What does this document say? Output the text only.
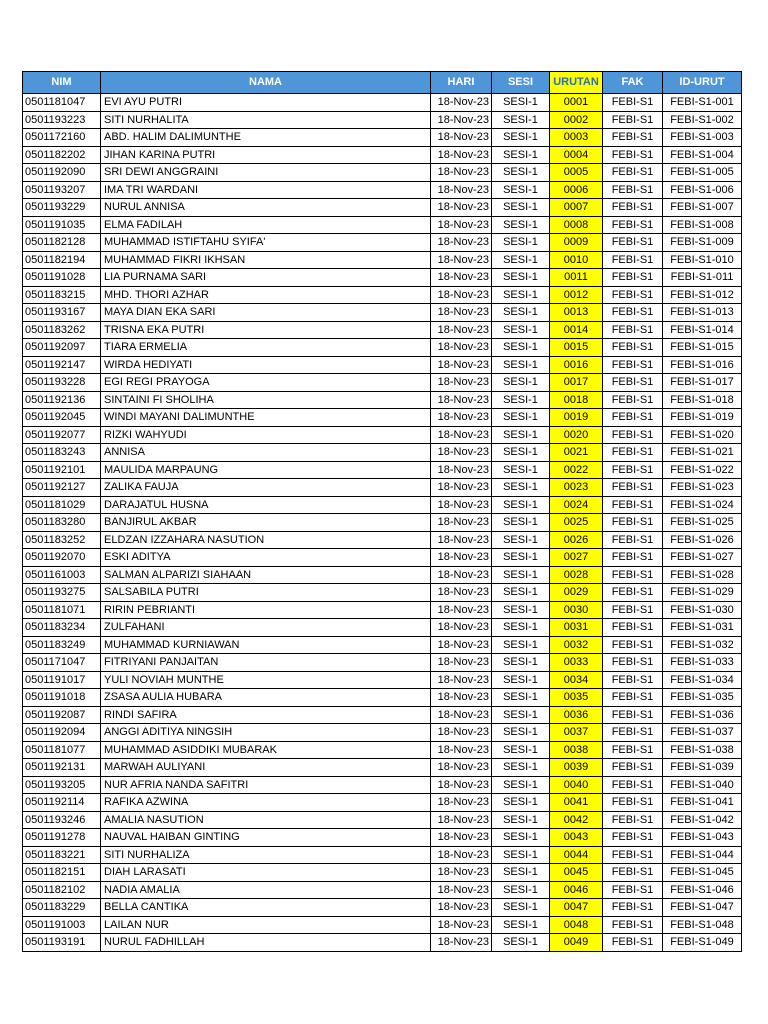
NIM	NAMA	HARI	SESI	URUTAN	FAK	ID-URUT
0501181047	EVI AYU PUTRI	18-Nov-23	SESI-1	0001	FEBI-S1	FEBI-S1-001
0501193223	SITI NURHALITA	18-Nov-23	SESI-1	0002	FEBI-S1	FEBI-S1-002
0501172160	ABD. HALIM DALIMUNTHE	18-Nov-23	SESI-1	0003	FEBI-S1	FEBI-S1-003
0501182202	JIHAN KARINA PUTRI	18-Nov-23	SESI-1	0004	FEBI-S1	FEBI-S1-004
0501192090	SRI DEWI ANGGRAINI	18-Nov-23	SESI-1	0005	FEBI-S1	FEBI-S1-005
0501193207	IMA TRI WARDANI	18-Nov-23	SESI-1	0006	FEBI-S1	FEBI-S1-006
0501193229	NURUL ANNISA	18-Nov-23	SESI-1	0007	FEBI-S1	FEBI-S1-007
0501191035	ELMA FADILAH	18-Nov-23	SESI-1	0008	FEBI-S1	FEBI-S1-008
0501182128	MUHAMMAD ISTIFTAHU SYIFA'	18-Nov-23	SESI-1	0009	FEBI-S1	FEBI-S1-009
0501182194	MUHAMMAD FIKRI IKHSAN	18-Nov-23	SESI-1	0010	FEBI-S1	FEBI-S1-010
0501191028	LIA PURNAMA SARI	18-Nov-23	SESI-1	0011	FEBI-S1	FEBI-S1-011
0501183215	MHD. THORI AZHAR	18-Nov-23	SESI-1	0012	FEBI-S1	FEBI-S1-012
0501193167	MAYA DIAN EKA SARI	18-Nov-23	SESI-1	0013	FEBI-S1	FEBI-S1-013
0501183262	TRISNA EKA PUTRI	18-Nov-23	SESI-1	0014	FEBI-S1	FEBI-S1-014
0501192097	TIARA ERMELIA	18-Nov-23	SESI-1	0015	FEBI-S1	FEBI-S1-015
0501192147	WIRDA HEDIYATI	18-Nov-23	SESI-1	0016	FEBI-S1	FEBI-S1-016
0501193228	EGI REGI PRAYOGA	18-Nov-23	SESI-1	0017	FEBI-S1	FEBI-S1-017
0501192136	SINTAINI FI SHOLIHA	18-Nov-23	SESI-1	0018	FEBI-S1	FEBI-S1-018
0501192045	WINDI MAYANI DALIMUNTHE	18-Nov-23	SESI-1	0019	FEBI-S1	FEBI-S1-019
0501192077	RIZKI WAHYUDI	18-Nov-23	SESI-1	0020	FEBI-S1	FEBI-S1-020
0501183243	ANNISA	18-Nov-23	SESI-1	0021	FEBI-S1	FEBI-S1-021
0501192101	MAULIDA MARPAUNG	18-Nov-23	SESI-1	0022	FEBI-S1	FEBI-S1-022
0501192127	ZALIKA FAUJA	18-Nov-23	SESI-1	0023	FEBI-S1	FEBI-S1-023
0501181029	DARAJATUL HUSNA	18-Nov-23	SESI-1	0024	FEBI-S1	FEBI-S1-024
0501183280	BANJIRUL AKBAR	18-Nov-23	SESI-1	0025	FEBI-S1	FEBI-S1-025
0501183252	ELDZAN IZZAHARA NASUTION	18-Nov-23	SESI-1	0026	FEBI-S1	FEBI-S1-026
0501192070	ESKI ADITYA	18-Nov-23	SESI-1	0027	FEBI-S1	FEBI-S1-027
0501161003	SALMAN ALPARIZI SIAHAAN	18-Nov-23	SESI-1	0028	FEBI-S1	FEBI-S1-028
0501193275	SALSABILA PUTRI	18-Nov-23	SESI-1	0029	FEBI-S1	FEBI-S1-029
0501181071	RIRIN PEBRIANTI	18-Nov-23	SESI-1	0030	FEBI-S1	FEBI-S1-030
0501183234	ZULFAHANI	18-Nov-23	SESI-1	0031	FEBI-S1	FEBI-S1-031
0501183249	MUHAMMAD KURNIAWAN	18-Nov-23	SESI-1	0032	FEBI-S1	FEBI-S1-032
0501171047	FITRIYANI PANJAITAN	18-Nov-23	SESI-1	0033	FEBI-S1	FEBI-S1-033
0501191017	YULI NOVIAH MUNTHE	18-Nov-23	SESI-1	0034	FEBI-S1	FEBI-S1-034
0501191018	ZSASA AULIA HUBARA	18-Nov-23	SESI-1	0035	FEBI-S1	FEBI-S1-035
0501192087	RINDI SAFIRA	18-Nov-23	SESI-1	0036	FEBI-S1	FEBI-S1-036
0501192094	ANGGI ADITIYA NINGSIH	18-Nov-23	SESI-1	0037	FEBI-S1	FEBI-S1-037
0501181077	MUHAMMAD ASIDDIKI MUBARAK	18-Nov-23	SESI-1	0038	FEBI-S1	FEBI-S1-038
0501192131	MARWAH AULIYANI	18-Nov-23	SESI-1	0039	FEBI-S1	FEBI-S1-039
0501193205	NUR AFRIA NANDA SAFITRI	18-Nov-23	SESI-1	0040	FEBI-S1	FEBI-S1-040
0501192114	RAFIKA AZWINA	18-Nov-23	SESI-1	0041	FEBI-S1	FEBI-S1-041
0501193246	AMALIA NASUTION	18-Nov-23	SESI-1	0042	FEBI-S1	FEBI-S1-042
0501191278	NAUVAL HAIBAN GINTING	18-Nov-23	SESI-1	0043	FEBI-S1	FEBI-S1-043
0501183221	SITI NURHALIZA	18-Nov-23	SESI-1	0044	FEBI-S1	FEBI-S1-044
0501182151	DIAH LARASATI	18-Nov-23	SESI-1	0045	FEBI-S1	FEBI-S1-045
0501182102	NADIA AMALIA	18-Nov-23	SESI-1	0046	FEBI-S1	FEBI-S1-046
0501183229	BELLA CANTIKA	18-Nov-23	SESI-1	0047	FEBI-S1	FEBI-S1-047
0501191003	LAILAN NUR	18-Nov-23	SESI-1	0048	FEBI-S1	FEBI-S1-048
0501193191	NURUL FADHILLAH	18-Nov-23	SESI-1	0049	FEBI-S1	FEBI-S1-049
